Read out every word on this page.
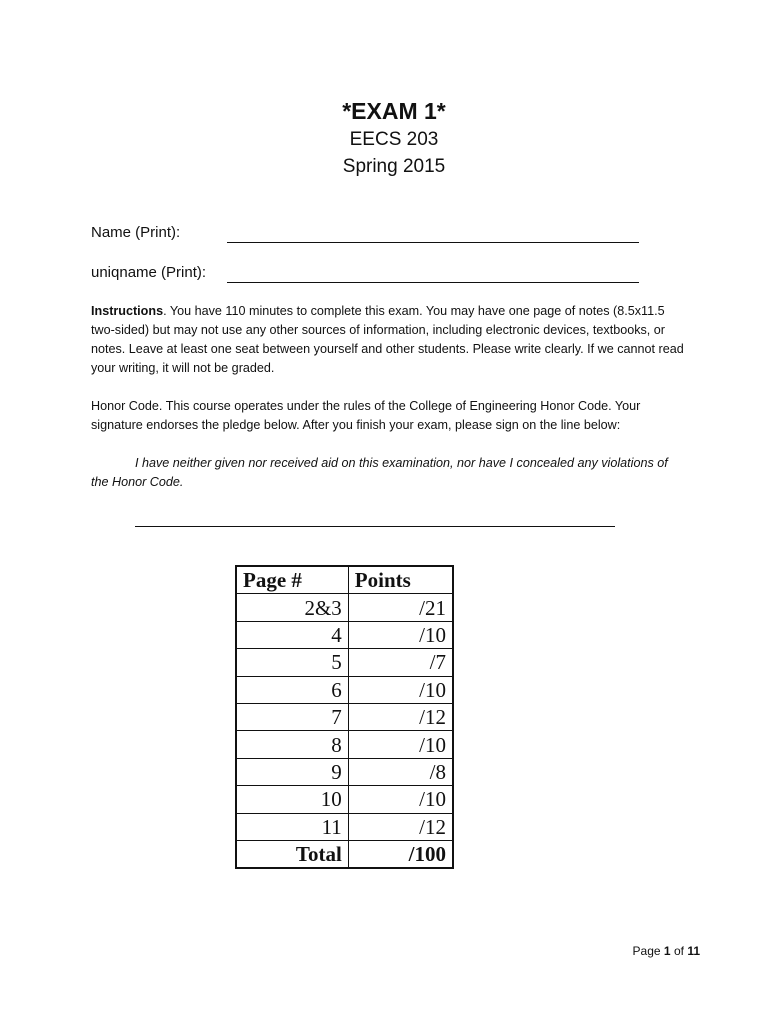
*EXAM 1*
EECS 203
Spring 2015
Name (Print):
uniqname (Print):

Instructions. You have 110 minutes to complete this exam. You may have one page of notes (8.5x11.5 two-sided) but may not use any other sources of information, including electronic devices, textbooks, or notes. Leave at least one seat between yourself and other students. Please write clearly. If we cannot read your writing, it will not be graded.

Honor Code. This course operates under the rules of the College of Engineering Honor Code. Your signature endorses the pledge below. After you finish your exam, please sign on the line below:

I have neither given nor received aid on this examination, nor have I concealed any violations of the Honor Code.

Page #	Points
2&3	/21
4	/10
5	/7
6	/10
7	/12
8	/10
9	/8
10	/10
11	/12
Total	/100
Page 1 of 11
